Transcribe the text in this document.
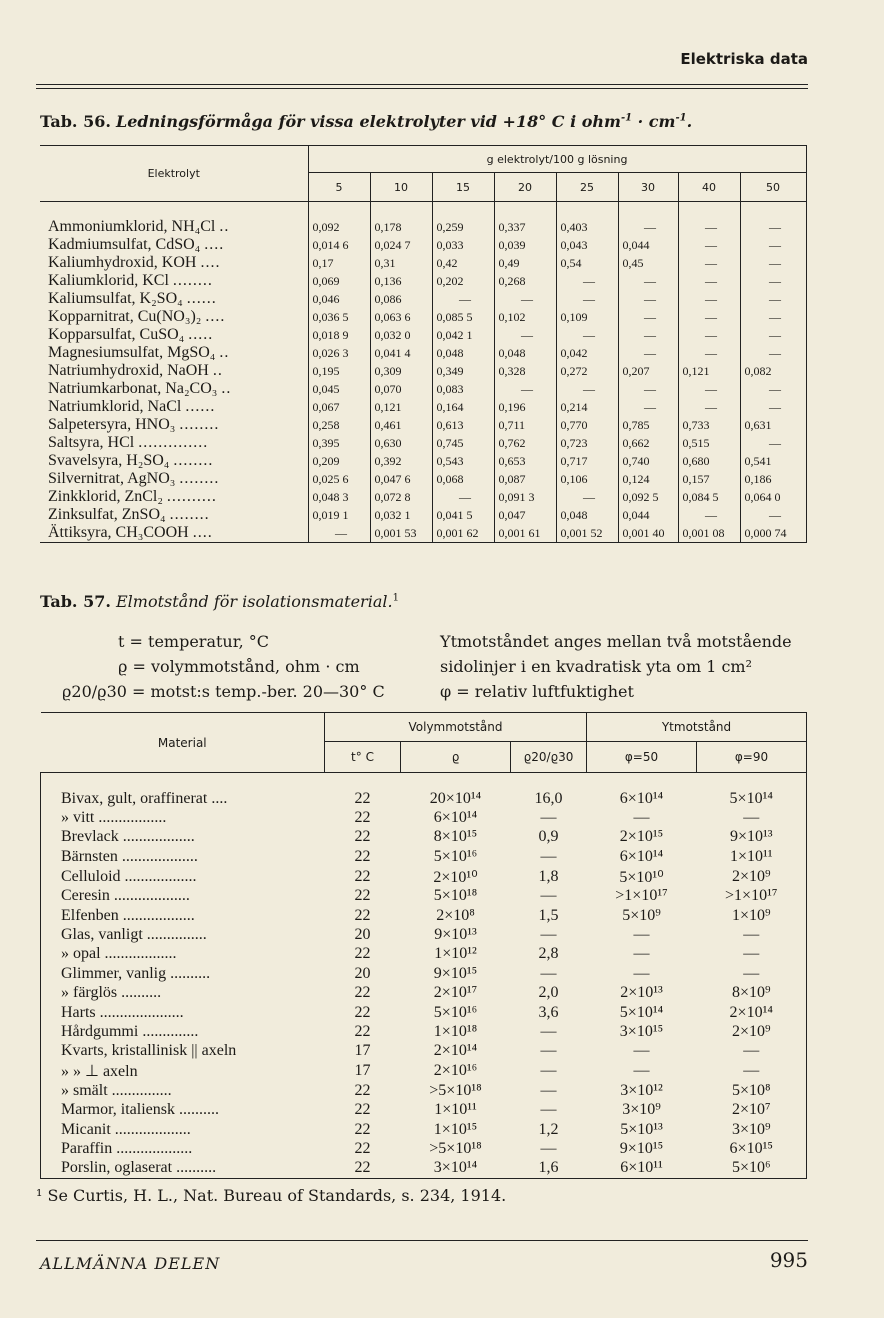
Elektriska data
Tab. 56. Ledningsförmåga för vissa elektrolyter vid +18° C i $ohm^{-1} \cdot cm^{-1}$.
Elektrolyt	g elektrolyt/100 g lösning							
	5	10	15	20	25	30	40	50

Ammoniumklorid, NH₄Cl ..	0,092	0,178	0,259	0,337	0,403	—	—	—
Kadmiumsulfat, CdSO₄ ....	0,014 6	0,024 7	0,033	0,039	0,043	0,044	—	—
Kaliumhydroxid, KOH ....	0,17	0,31	0,42	0,49	0,54	0,45	—	—
Kaliumklorid, KCl ........	0,069	0,136	0,202	0,268	—	—	—	—
Kaliumsulfat, K₂SO₄ ......	0,046	0,086	—	—	—	—	—	—
Kopparnitrat, Cu(NO₃)₂ ....	0,036 5	0,063 6	0,085 5	0,102	0,109	—	—	—
Kopparsulfat, CuSO₄ .....	0,018 9	0,032 0	0,042 1	—	—	—	—	—
Magnesiumsulfat, MgSO₄ ..	0,026 3	0,041 4	0,048	0,048	0,042	—	—	—
Natriumhydroxid, NaOH ..	0,195	0,309	0,349	0,328	0,272	0,207	0,121	0,082
Natriumkarbonat, Na₂CO₃ ..	0,045	0,070	0,083	—	—	—	—	—
Natriumklorid, NaCl ......	0,067	0,121	0,164	0,196	0,214	—	—	—
Salpetersyra, HNO₃ ........	0,258	0,461	0,613	0,711	0,770	0,785	0,733	0,631
Saltsyra, HCl ..............	0,395	0,630	0,745	0,762	0,723	0,662	0,515	—
Svavelsyra, H₂SO₄ ........	0,209	0,392	0,543	0,653	0,717	0,740	0,680	0,541
Silvernitrat, AgNO₃ ........	0,025 6	0,047 6	0,068	0,087	0,106	0,124	0,157	0,186
Zinkklorid, ZnCl₂ ..........	0,048 3	0,072 8	—	0,091 3	—	0,092 5	0,084 5	0,064 0
Zinksulfat, ZnSO₄ ........	0,019 1	0,032 1	0,041 5	0,047	0,048	0,044	—	—
Ättiksyra, CH₃COOH ....	—	0,001 53	0,001 62	0,001 61	0,001 52	0,001 40	0,001 08	0,000 74
Tab. 57. Elmotstånd för isolationsmaterial.$^1$
t = temperatur, °C
ϱ = volymmotstånd, ohm · cm
ϱ20/ϱ30 = motst:s temp.-ber. 20—30° C
Ytmotståndet anges mellan två motstående
sidolinjer i en kvadratisk yta om 1 cm²
φ = relativ luftfuktighet
Material	Volymmotstånd			Ytmotstånd	
	t° C	ϱ	ϱ20/ϱ30	φ=50	φ=90

Bivax, gult, oraffinerat ....	22	20×10¹⁴	16,0	6×10¹⁴	5×10¹⁴
» vitt .................	22	6×10¹⁴	—	—	—
Brevlack ..................	22	8×10¹⁵	0,9	2×10¹⁵	9×10¹³
Bärnsten ...................	22	5×10¹⁶	—	6×10¹⁴	1×10¹¹
Celluloid ..................	22	2×10¹⁰	1,8	5×10¹⁰	2×10⁹
Ceresin ...................	22	5×10¹⁸	—	>1×10¹⁷	>1×10¹⁷
Elfenben ..................	22	2×10⁸	1,5	5×10⁹	1×10⁹
Glas, vanligt ...............	20	9×10¹³	—	—	—
» opal ..................	22	1×10¹²	2,8	—	—
Glimmer, vanlig ..........	20	9×10¹⁵	—	—	—
» färglös ..........	22	2×10¹⁷	2,0	2×10¹³	8×10⁹
Harts .....................	22	5×10¹⁶	3,6	5×10¹⁴	2×10¹⁴
Hårdgummi ..............	22	1×10¹⁸	—	3×10¹⁵	2×10⁹
Kvarts, kristallinisk || axeln	17	2×10¹⁴	—	—	—
» » ⊥ axeln	17	2×10¹⁶	—	—	—
» smält ...............	22	>5×10¹⁸	—	3×10¹²	5×10⁸
Marmor, italiensk ..........	22	1×10¹¹	—	3×10⁹	2×10⁷
Micanit ...................	22	1×10¹⁵	1,2	5×10¹³	3×10⁹
Paraffin ...................	22	>5×10¹⁸	—	9×10¹⁵	6×10¹⁵
Porslin, oglaserat ..........	22	3×10¹⁴	1,6	6×10¹¹	5×10⁶
¹ Se Curtis, H. L., Nat. Bureau of Standards, s. 234, 1914.
ALLMÄNNA DELEN	995
